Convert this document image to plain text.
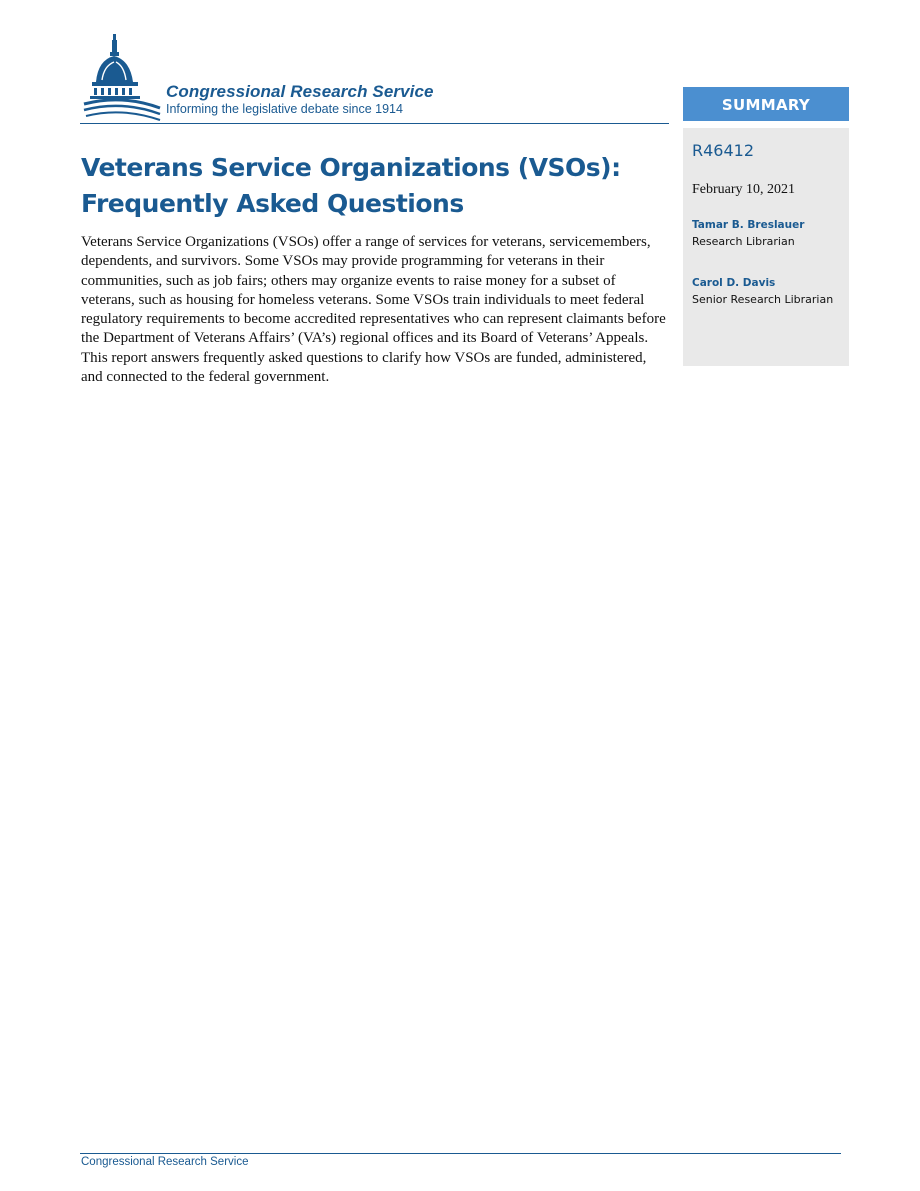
Congressional Research Service
Informing the legislative debate since 1914
Veterans Service Organizations (VSOs): Frequently Asked Questions

Veterans Service Organizations (VSOs) offer a range of services for veterans, servicemembers, dependents, and survivors. Some VSOs may provide programming for veterans in their communities, such as job fairs; others may organize events to raise money for a subset of veterans, such as housing for homeless veterans. Some VSOs train individuals to meet federal regulatory requirements to become accredited representatives who can represent claimants before the Department of Veterans Affairs’ (VA’s) regional offices and its Board of Veterans’ Appeals. This report answers frequently asked questions to clarify how VSOs are funded, administered, and connected to the federal government.

SUMMARY
R46412
February 10, 2021
Tamar B. Breslauer
Research Librarian
Carol D. Davis
Senior Research Librarian
Congressional Research Service
